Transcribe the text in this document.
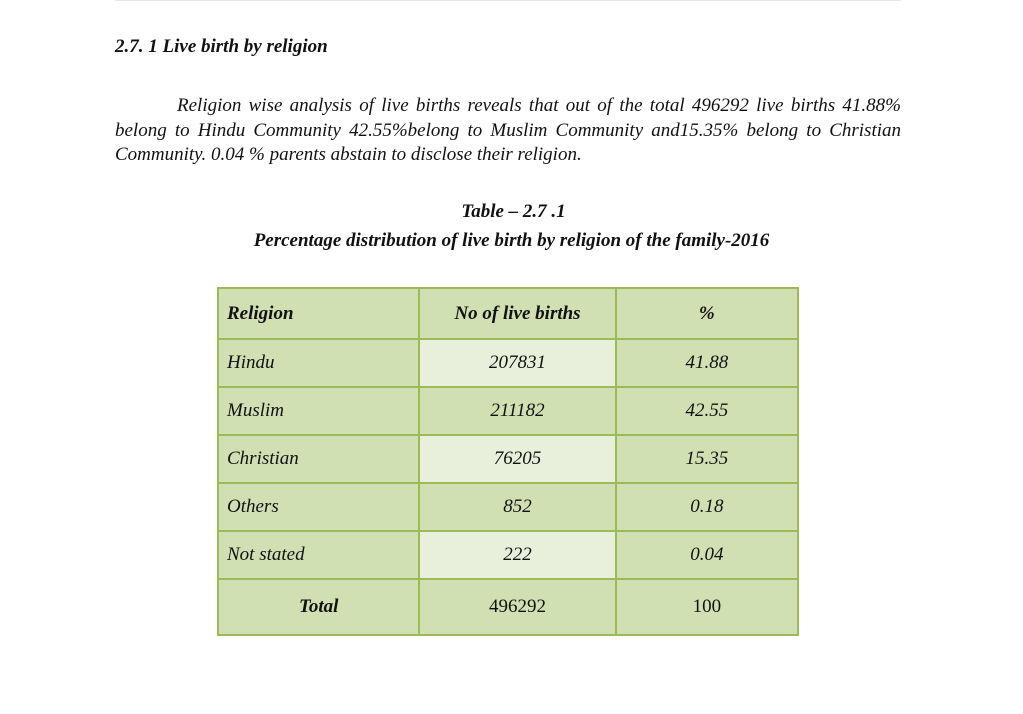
2.7. 1 Live birth by religion

Religion wise analysis of live births reveals that out of the total 496292 live births 41.88% belong to Hindu Community 42.55%belong to Muslim Community and15.35% belong to Christian Community. 0.04 % parents abstain to disclose their religion.

Table – 2.7 .1
Percentage distribution of live birth by religion of the family-2016
Religion	No of live births	%
Hindu	207831	41.88
Muslim	211182	42.55
Christian	76205	15.35
Others	852	0.18
Not stated	222	0.04
Total	496292	100
